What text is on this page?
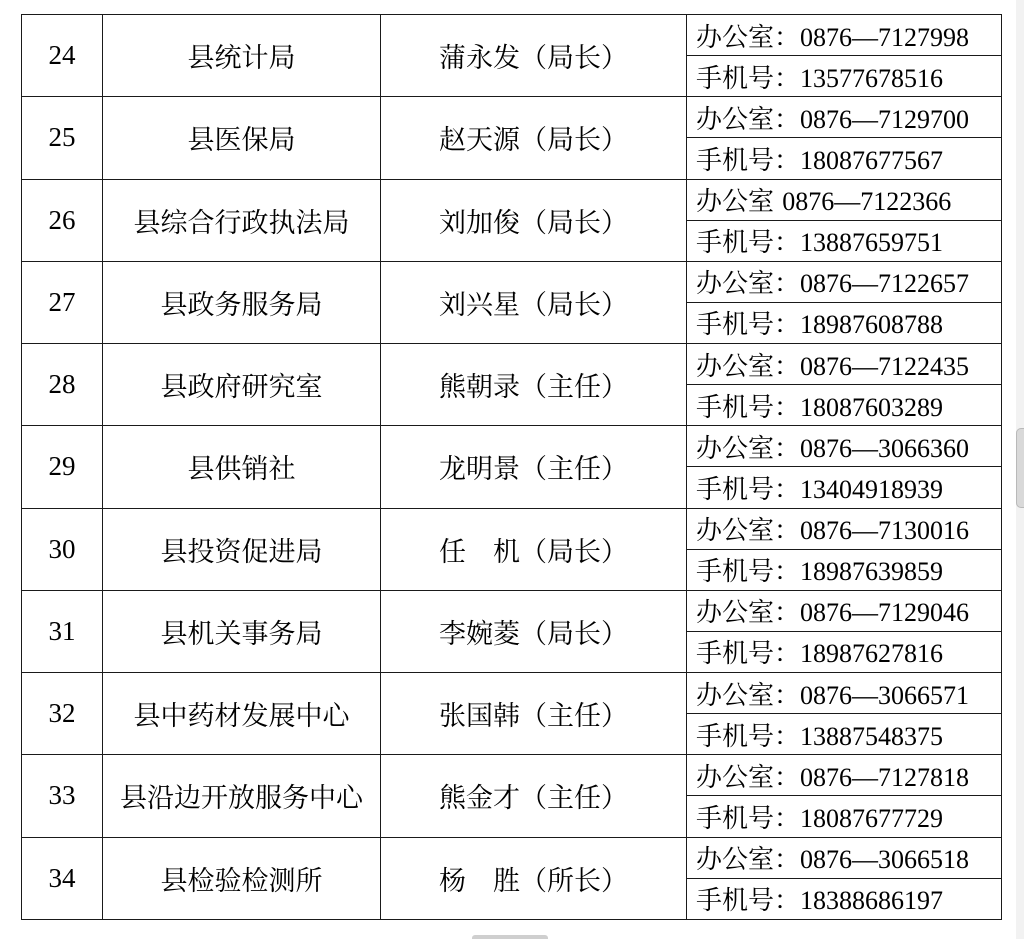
24	县统计局	蒲永发（局长）	办公室：0876—7127998
			手机号：13577678516
25	县医保局	赵天源（局长）	办公室：0876—7129700
			手机号：18087677567
26	县综合行政执法局	刘加俊（局长）	办公室 0876—7122366
			手机号：13887659751
27	县政务服务局	刘兴星（局长）	办公室：0876—7122657
			手机号：18987608788
28	县政府研究室	熊朝录（主任）	办公室：0876—7122435
			手机号：18087603289
29	县供销社	龙明景（主任）	办公室：0876—3066360
			手机号：13404918939
30	县投资促进局	任　机（局长）	办公室：0876—7130016
			手机号：18987639859
31	县机关事务局	李婉菱（局长）	办公室：0876—7129046
			手机号：18987627816
32	县中药材发展中心	张国韩（主任）	办公室：0876—3066571
			手机号：13887548375
33	县沿边开放服务中心	熊金才（主任）	办公室：0876—7127818
			手机号：18087677729
34	县检验检测所	杨　胜（所长）	办公室：0876—3066518
			手机号：18388686197
